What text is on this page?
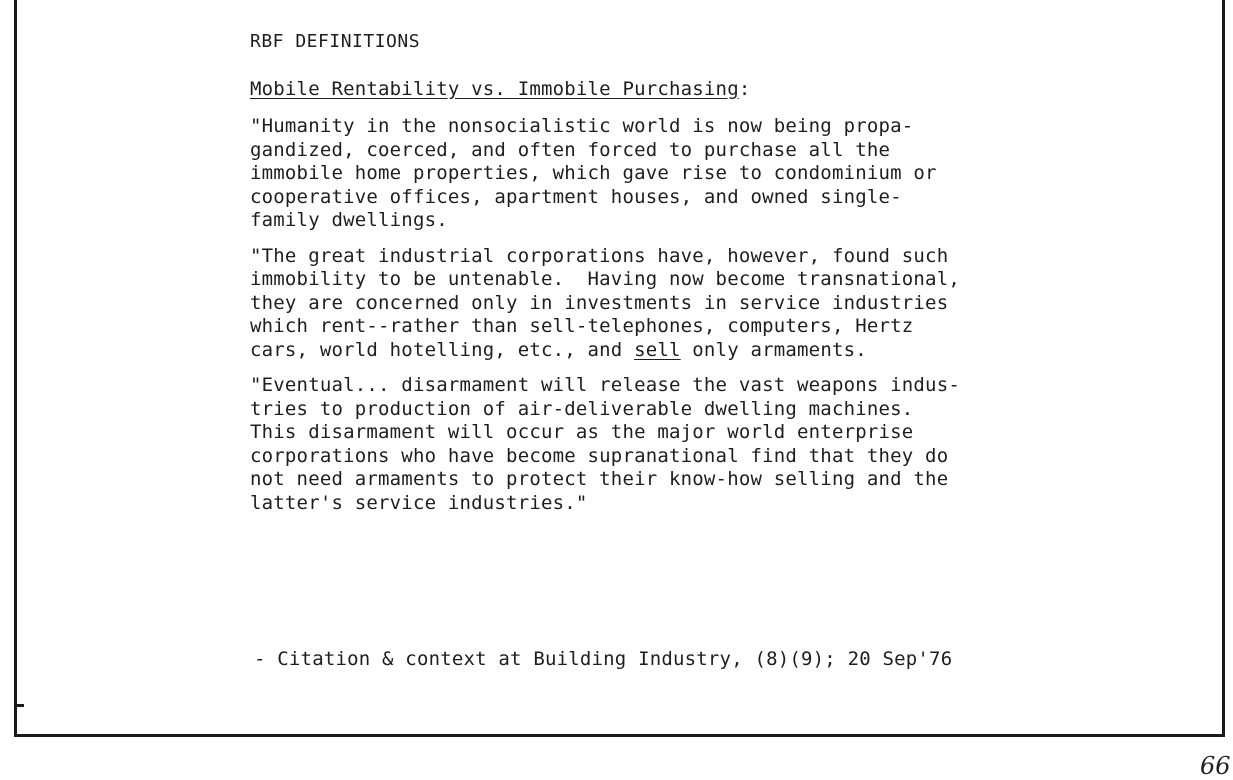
RBF DEFINITIONS

Mobile Rentability vs. Immobile Purchasing:

"Humanity in the nonsocialistic world is now being propa-
gandized, coerced, and often forced to purchase all the
immobile home properties, which gave rise to condominium or
cooperative offices, apartment houses, and owned single-
family dwellings.
"The great industrial corporations have, however, found such
immobility to be untenable.  Having now become transnational,
they are concerned only in investments in service industries
which rent--rather than sell-telephones, computers, Hertz
cars, world hotelling, etc., and sell only armaments.
"Eventual... disarmament will release the vast weapons indus-
tries to production of air-deliverable dwelling machines.
This disarmament will occur as the major world enterprise
corporations who have become supranational find that they do
not need armaments to protect their know-how selling and the
latter's service industries."
- Citation & context at Building Industry, (8)(9); 20 Sep'76
66
